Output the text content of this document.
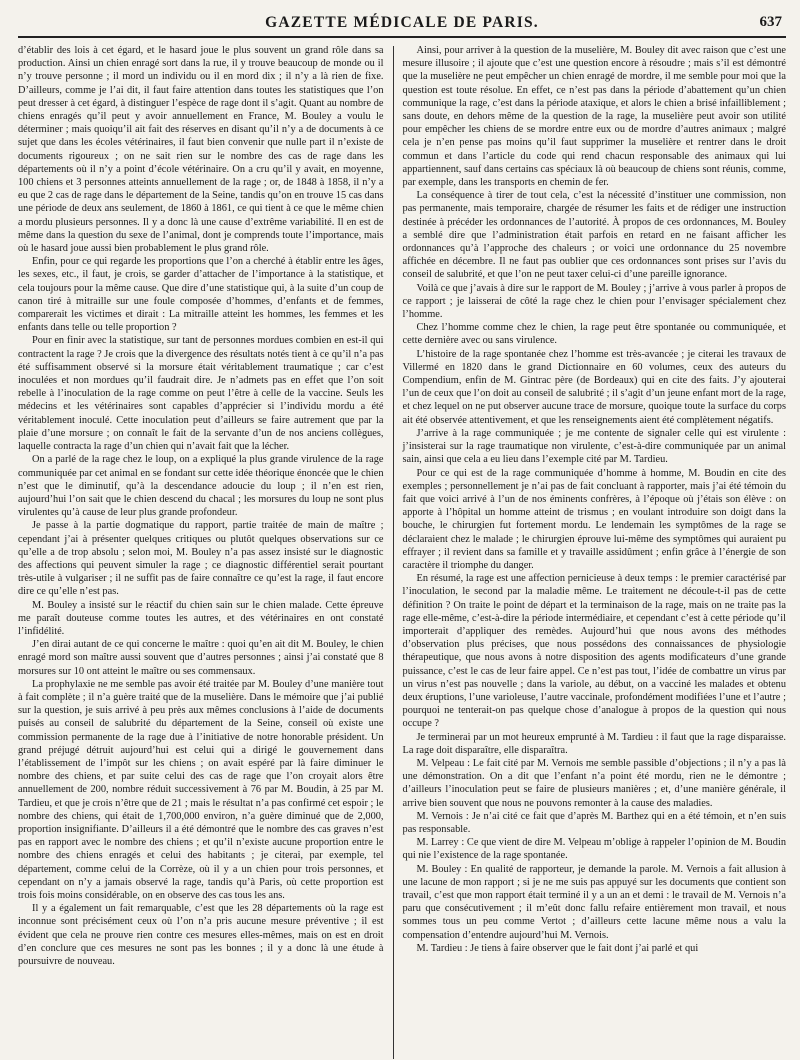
GAZETTE MÉDICALE DE PARIS.	637

d’établir des lois à cet égard, et le hasard joue le plus souvent un grand rôle dans sa production. Ainsi un chien enragé sort dans la rue, il y trouve beaucoup de monde ou il n’y trouve personne ; il mord un individu ou il en mord dix ; il n’y a là rien de fixe. D’ailleurs, comme je l’ai dit, il faut faire attention dans toutes les statistiques que l’on peut dresser à cet égard, à distinguer l’espèce de rage dont il s’agit. Quant au nombre de chiens enragés qu’il peut y avoir annuellement en France, M. Bouley a voulu le déterminer ; mais quoiqu’il ait fait des réserves en disant qu’il n’y a de documents à ce sujet que dans les écoles vétérinaires, il faut bien convenir que nulle part il n’existe de documents rigoureux ; on ne sait rien sur le nombre des cas de rage dans les départements où il n’y a point d’école vétérinaire. On a cru qu’il y avait, en moyenne, 100 chiens et 3 personnes atteints annuellement de la rage ; or, de 1848 à 1858, il n’y a eu que 2 cas de rage dans le département de la Seine, tandis qu’on en trouve 15 cas dans une période de deux ans seulement, de 1860 à 1861, ce qui tient à ce que le même chien a mordu plusieurs personnes. Il y a donc là une cause d’extrême variabilité. Il en est de même dans la question du sexe de l’animal, dont je comprends toute l’importance, mais où le hasard joue aussi bien probablement le plus grand rôle.

Enfin, pour ce qui regarde les proportions que l’on a cherché à établir entre les âges, les sexes, etc., il faut, je crois, se garder d’attacher de l’importance à la statistique, et cela toujours pour la même cause. Que dire d’une statistique qui, à la suite d’un coup de canon tiré à mitraille sur une foule composée d’hommes, d’enfants et de femmes, comparerait les victimes et dirait : La mitraille atteint les hommes, les femmes et les enfants dans telle ou telle proportion ?

Pour en finir avec la statistique, sur tant de personnes mordues combien en est-il qui contractent la rage ? Je crois que la divergence des résultats notés tient à ce qu’il n’a pas été suffisamment observé si la morsure était véritablement traumatique ; car c’est inoculées et non mordues qu’il faudrait dire. Je n’admets pas en effet que l’on soit rebelle à l’inoculation de la rage comme on peut l’être à celle de la vaccine. Seuls les médecins et les vétérinaires sont capables d’apprécier si l’individu mordu a été véritablement inoculé. Cette inoculation peut d’ailleurs se faire autrement que par la plaie d’une morsure ; on connaît le fait de la servante d’un de nos anciens collègues, laquelle contracta la rage d’un chien qui n’avait fait que la lécher.

On a parlé de la rage chez le loup, on a expliqué la plus grande virulence de la rage communiquée par cet animal en se fondant sur cette idée théorique énoncée que le chien n’est que le diminutif, qu’à la descendance adoucie du loup ; il n’en est rien, aujourd’hui l’on sait que le chien descend du chacal ; les morsures du loup ne sont plus virulentes qu’à cause de leur plus grande profondeur.

Je passe à la partie dogmatique du rapport, partie traitée de main de maître ; cependant j’ai à présenter quelques critiques ou plutôt quelques observations sur ce qu’elle a de trop absolu ; selon moi, M. Bouley n’a pas assez insisté sur le diagnostic des affections qui peuvent simuler la rage ; ce diagnostic différentiel serait pourtant très-utile à vulgariser ; il ne suffit pas de faire connaître ce qu’est la rage, il faut encore dire ce qu’elle n’est pas.

M. Bouley a insisté sur le réactif du chien sain sur le chien malade. Cette épreuve me paraît douteuse comme toutes les autres, et des vétérinaires en ont constaté l’infidélité.

J’en dirai autant de ce qui concerne le maître : quoi qu’en ait dit M. Bouley, le chien enragé mord son maître aussi souvent que d’autres personnes ; ainsi j’ai constaté que 8 morsures sur 10 ont atteint le maître ou ses commensaux.

La prophylaxie ne me semble pas avoir été traitée par M. Bouley d’une manière tout à fait complète ; il n’a guère traité que de la muselière. Dans le mémoire que j’ai publié sur la question, je suis arrivé à peu près aux mêmes conclusions à l’aide de documents puisés au conseil de salubrité du département de la Seine, conseil où existe une commission permanente de la rage due à l’initiative de notre honorable président. Un grand préjugé détruit aujourd’hui est celui qui a dirigé le gouvernement dans l’établissement de l’impôt sur les chiens ; on avait espéré par là faire diminuer le nombre des chiens, et par suite celui des cas de rage que l’on croyait alors être annuellement de 200, nombre réduit successivement à 76 par M. Boudin, à 25 par M. Tardieu, et que je crois n’être que de 21 ; mais le résultat n’a pas confirmé cet espoir ; le nombre des chiens, qui était de 1,700,000 environ, n’a guère diminué que de 2,000, proportion insignifiante. D’ailleurs il a été démontré que le nombre des cas graves n’est pas en rapport avec le nombre des chiens ; et qu’il n’existe aucune proportion entre le nombre des chiens enragés et celui des habitants ; je citerai, par exemple, tel département, comme celui de la Corrèze, où il y a un chien pour trois personnes, et cependant on n’y a jamais observé la rage, tandis qu’à Paris, où cette proportion est trois fois moins considérable, on en observe des cas tous les ans.

Il y a également un fait remarquable, c’est que les 28 départements où la rage est inconnue sont précisément ceux où l’on n’a pris aucune mesure préventive ; il est évident que cela ne prouve rien contre ces mesures elles-mêmes, mais on est en droit d’en conclure que ces mesures ne sont pas les bonnes ; il y a donc là une étude à poursuivre de nouveau.

Ainsi, pour arriver à la question de la muselière, M. Bouley dit avec raison que c’est une mesure illusoire ; il ajoute que c’est une question encore à résoudre ; mais s’il est démontré que la muselière ne peut empêcher un chien enragé de mordre, il me semble pour moi que la question est toute résolue. En effet, ce n’est pas dans la période d’abattement qu’un chien communique la rage, c’est dans la période ataxique, et alors le chien a brisé infailliblement ; sans doute, en dehors même de la question de la rage, la muselière peut avoir son utilité pour empêcher les chiens de se mordre entre eux ou de mordre d’autres animaux ; malgré cela je n’en pense pas moins qu’il faut supprimer la muselière et rentrer dans le droit commun et dans l’article du code qui rend chacun responsable des animaux qui lui appartiennent, sauf dans certains cas spéciaux là où beaucoup de chiens sont réunis, comme, par exemple, dans les transports en chemin de fer.

La conséquence à tirer de tout cela, c’est la nécessité d’instituer une commission, non pas permanente, mais temporaire, chargée de résumer les faits et de rédiger une instruction destinée à précéder les ordonnances de l’autorité. À propos de ces ordonnances, M. Bouley a semblé dire que l’administration était parfois en retard en ne faisant afficher les ordonnances qu’à l’approche des chaleurs ; or voici une ordonnance du 25 novembre affichée en décembre. Il ne faut pas oublier que ces ordonnances sont prises sur l’avis du conseil de salubrité, et que l’on ne peut taxer celui-ci d’une pareille ignorance.

Voilà ce que j’avais à dire sur le rapport de M. Bouley ; j’arrive à vous parler à propos de ce rapport ; je laisserai de côté la rage chez le chien pour l’envisager spécialement chez l’homme.

Chez l’homme comme chez le chien, la rage peut être spontanée ou communiquée, et cette dernière avec ou sans virulence.

L’histoire de la rage spontanée chez l’homme est très-avancée ; je citerai les travaux de Villermé en 1820 dans le grand Dictionnaire en 60 volumes, ceux des auteurs du Compendium, enfin de M. Gintrac père (de Bordeaux) qui en cite des faits. J’y ajouterai l’un de ceux que l’on doit au conseil de salubrité ; il s’agit d’un jeune enfant mort de la rage, et chez lequel on ne put observer aucune trace de morsure, quoique toute la surface du corps ait été observée attentivement, et que les renseignements aient été complètement négatifs.

J’arrive à la rage communiquée ; je me contente de signaler celle qui est virulente : j’insisterai sur la rage traumatique non virulente, c’est-à-dire communiquée par un animal sain, ainsi que cela a eu lieu dans l’exemple cité par M. Tardieu.

Pour ce qui est de la rage communiquée d’homme à homme, M. Boudin en cite des exemples ; personnellement je n’ai pas de fait concluant à rapporter, mais j’ai été témoin du fait que voici arrivé à l’un de nos éminents confrères, à l’époque où j’étais son élève : on apporte à l’hôpital un homme atteint de trismus ; en voulant introduire son doigt dans la bouche, le chirurgien fut fortement mordu. Le lendemain les symptômes de la rage se déclaraient chez le malade ; le chirurgien éprouve lui-même des symptômes qui auraient pu effrayer ; il revient dans sa famille et y travaille assidûment ; enfin grâce à l’énergie de son caractère il triomphe du danger.

En résumé, la rage est une affection pernicieuse à deux temps : le premier caractérisé par l’inoculation, le second par la maladie même. Le traitement ne découle-t-il pas de cette définition ? On traite le point de départ et la terminaison de la rage, mais on ne traite pas la rage elle-même, c’est-à-dire la période intermédiaire, et cependant c’est à cette période qu’il importerait d’appliquer des remèdes. Aujourd’hui que nous avons des méthodes d’observation plus précises, que nous possédons des connaissances de physiologie thérapeutique, que nous avons à notre disposition des agents modificateurs d’une grande puissance, c’est le cas de leur faire appel. Ce n’est pas tout, l’idée de combattre un virus par un virus n’est pas nouvelle ; dans la variole, au début, on a vacciné les malades et obtenu deux éruptions, l’une varioleuse, l’autre vaccinale, profondément modifiées l’une et l’autre ; pourquoi ne tenterait-on pas quelque chose d’analogue à propos de la question qui nous occupe ?

Je terminerai par un mot heureux emprunté à M. Tardieu : il faut que la rage disparaisse. La rage doit disparaître, elle disparaîtra.

M. Velpeau : Le fait cité par M. Vernois me semble passible d’objections ; il n’y a pas là une démonstration. On a dit que l’enfant n’a point été mordu, rien ne le démontre ; d’ailleurs l’inoculation peut se faire de plusieurs manières ; et, d’une manière générale, il arrive bien souvent que nous ne pouvons remonter à la cause des maladies.

M. Vernois : Je n’ai cité ce fait que d’après M. Barthez qui en a été témoin, et n’en suis pas responsable.

M. Larrey : Ce que vient de dire M. Velpeau m’oblige à rappeler l’opinion de M. Boudin qui nie l’existence de la rage spontanée.

M. Bouley : En qualité de rapporteur, je demande la parole. M. Vernois a fait allusion à une lacune de mon rapport ; si je ne me suis pas appuyé sur les documents que contient son travail, c’est que mon rapport était terminé il y a un an et demi : le travail de M. Vernois n’a paru que consécutivement ; il m’eût donc fallu refaire entièrement mon travail, et nous sommes tous un peu comme Vertot ; d’ailleurs cette lacune même nous a valu la compensation d’entendre aujourd’hui M. Vernois.

M. Tardieu : Je tiens à faire observer que le fait dont j’ai parlé et qui
